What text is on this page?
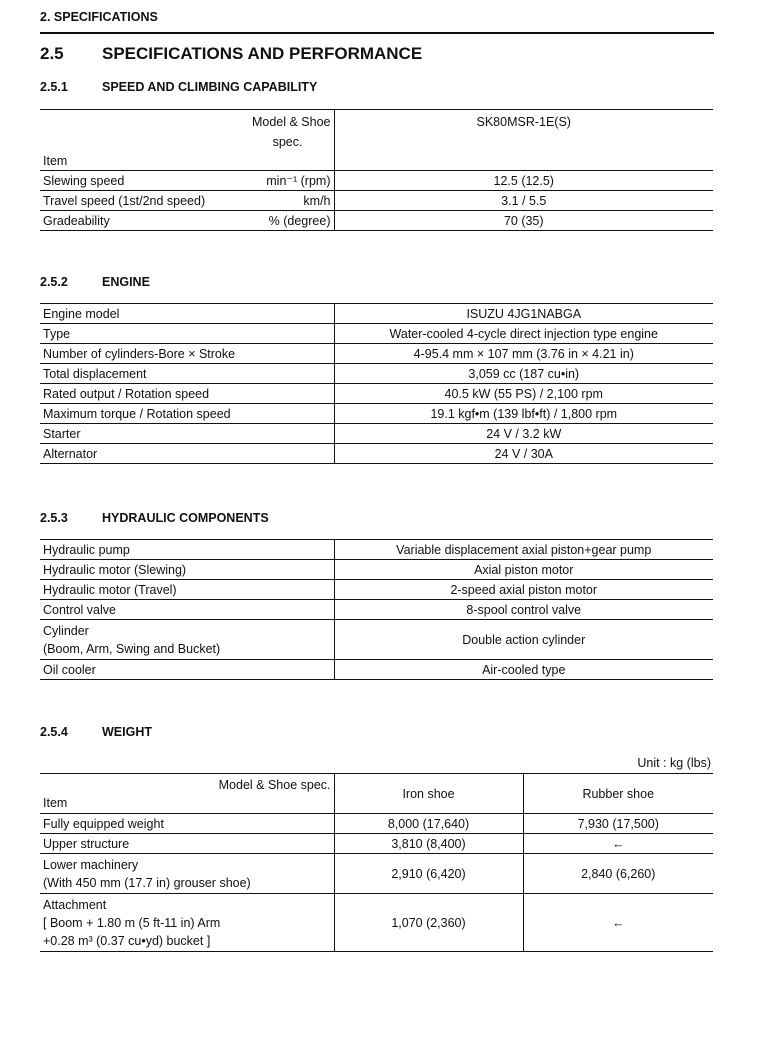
2. SPECIFICATIONS
2.5 SPECIFICATIONS AND PERFORMANCE
2.5.1	SPEED AND CLIMBING CAPABILITY
Model & Shoe
spec.
Item	SK80MSR-1E(S)
Slewing speed min⁻¹ (rpm)	12.5 (12.5)
Travel speed (1st/2nd speed) km/h	3.1 / 5.5
Gradeability % (degree)	70 (35)
2.5.2	ENGINE
Engine model	ISUZU 4JG1NABGA
Type	Water-cooled 4-cycle direct injection type engine
Number of cylinders-Bore × Stroke	4-95.4 mm × 107 mm (3.76 in × 4.21 in)
Total displacement	3,059 cc (187 cu•in)
Rated output / Rotation speed	40.5 kW (55 PS) / 2,100 rpm
Maximum torque / Rotation speed	19.1 kgf•m (139 lbf•ft) / 1,800 rpm
Starter	24 V / 3.2 kW
Alternator	24 V / 30A
2.5.3	HYDRAULIC COMPONENTS
Hydraulic pump	Variable displacement axial piston+gear pump
Hydraulic motor (Slewing)	Axial piston motor
Hydraulic motor (Travel)	2-speed axial piston motor
Control valve	8-spool control valve

Cylinder
(Boom, Arm, Swing and Bucket)	Double action cylinder
Oil cooler	Air-cooled type
2.5.4	WEIGHT
Unit : kg (lbs)
Model & Shoe spec.
Item	Iron shoe	Rubber shoe
Fully equipped weight	8,000 (17,640)	7,930 (17,500)
Upper structure	3,810 (8,400)	←

Lower machinery
(With 450 mm (17.7 in) grouser shoe)	2,910 (6,420)	2,840 (6,260)

Attachment
[ Boom + 1.80 m (5 ft-11 in) Arm
+0.28 m³ (0.37 cu•yd) bucket ]	1,070 (2,360)	←
